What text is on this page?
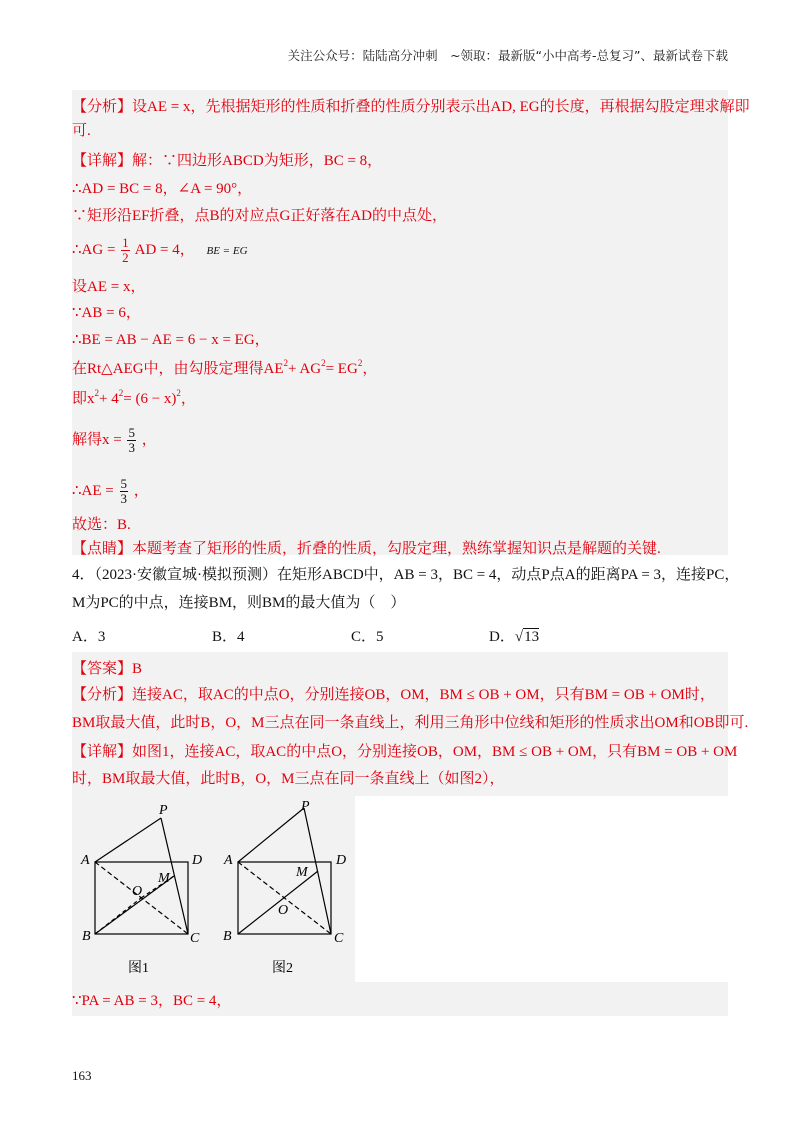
关注公众号：陆陆高分冲刺　~领取：最新版“小中高考-总复习”、最新试卷下载
【分析】设AE = x，先根据矩形的性质和折叠的性质分别表示出AD, EG的长度，再根据勾股定理求解即
可.
【详解】解：∵四边形ABCD为矩形，BC = 8，
∴AD = BC = 8，∠A = 90°，
∵矩形沿EF折叠，点B的对应点G正好落在AD的中点处，
∴AG = $\frac{1}{2}$ AD = 4， BE = EG
设AE = x，
∵AB = 6，
∴BE = AB − AE = 6 − x = EG，
在Rt△AEG中，由勾股定理得$AE^2+ AG^2= EG^2$，
即$x^2+ 4^2= (6 - x)^2$，
解得$x = \frac{5}{3}$ ，
∴AE = $\frac{5}{3}$ ，
故选：B.
【点睛】本题考查了矩形的性质，折叠的性质，勾股定理，熟练掌握知识点是解题的关键.
4．（2023·安徽宣城·模拟预测）在矩形ABCD中，AB = 3，BC = 4，动点P点A的距离PA = 3，连接PC，
M为PC的中点，连接BM，则BM的最大值为（　）
A．3	B．4	C．5	D．√13
【答案】B
【分析】连接AC，取AC的中点O，分别连接OB，OM，BM ≤ OB + OM，只有BM = OB + OM时，
BM取最大值，此时B，O，M三点在同一条直线上，利用三角形中位线和矩形的性质求出OM和OB即可.
【详解】如图1，连接AC，取AC的中点O，分别连接OB，OM，BM ≤ OB + OM，只有BM = OB + OM
时，BM取最大值，此时B，O，M三点在同一条直线上（如图2），
A
B	C
D
P
M
O
图1
A
B	C
D
P
M
O
图2
∵PA = AB = 3，BC = 4，
163
